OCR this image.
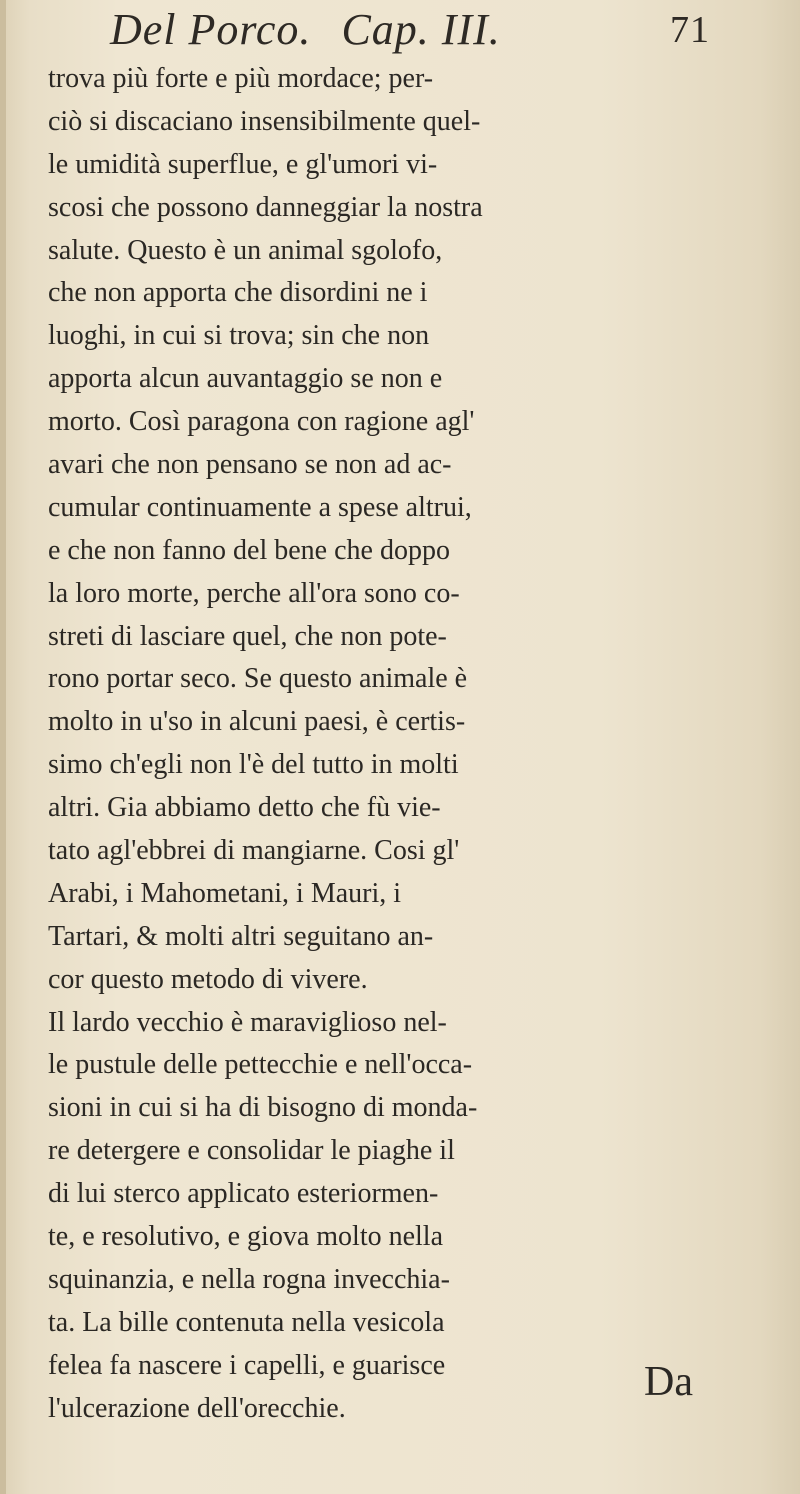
Del Porco. Cap. III.	71
trova più forte e più mordace; per-
ciò si discaciano insensibilmente quel-
le umidità superflue, e gl'umori vi-
scosi che possono danneggiar la nostra
salute. Questo è un animal sgolofo,
che non apporta che disordini ne i
luoghi, in cui si trova; sin che non
apporta alcun auvantaggio se non e
morto. Così paragona con ragione agl'
avari che non pensano se non ad ac-
cumular continuamente a spese altrui,
e che non fanno del bene che doppo
la loro morte, perche all'ora sono co-
streti di lasciare quel, che non pote-
rono portar seco. Se questo animale è
molto in u'so in alcuni paesi, è certis-
simo ch'egli non l'è del tutto in molti
altri. Gia abbiamo detto che fù vie-
tato agl'ebbrei di mangiarne. Cosi gl'
Arabi, i Mahometani, i Mauri, i
Tartari, & molti altri seguitano an-
cor questo metodo di vivere.
Il lardo vecchio è maraviglioso nel-
le pustule delle pettecchie e nell'occa-
sioni in cui si ha di bisogno di monda-
re detergere e consolidar le piaghe il
di lui sterco applicato esteriormen-
te, e resolutivo, e giova molto nella
squinanzia, e nella rogna invecchia-
ta. La bille contenuta nella vesicola
felea fa nascere i capelli, e guarisce
l'ulcerazione dell'orecchie.
Da
